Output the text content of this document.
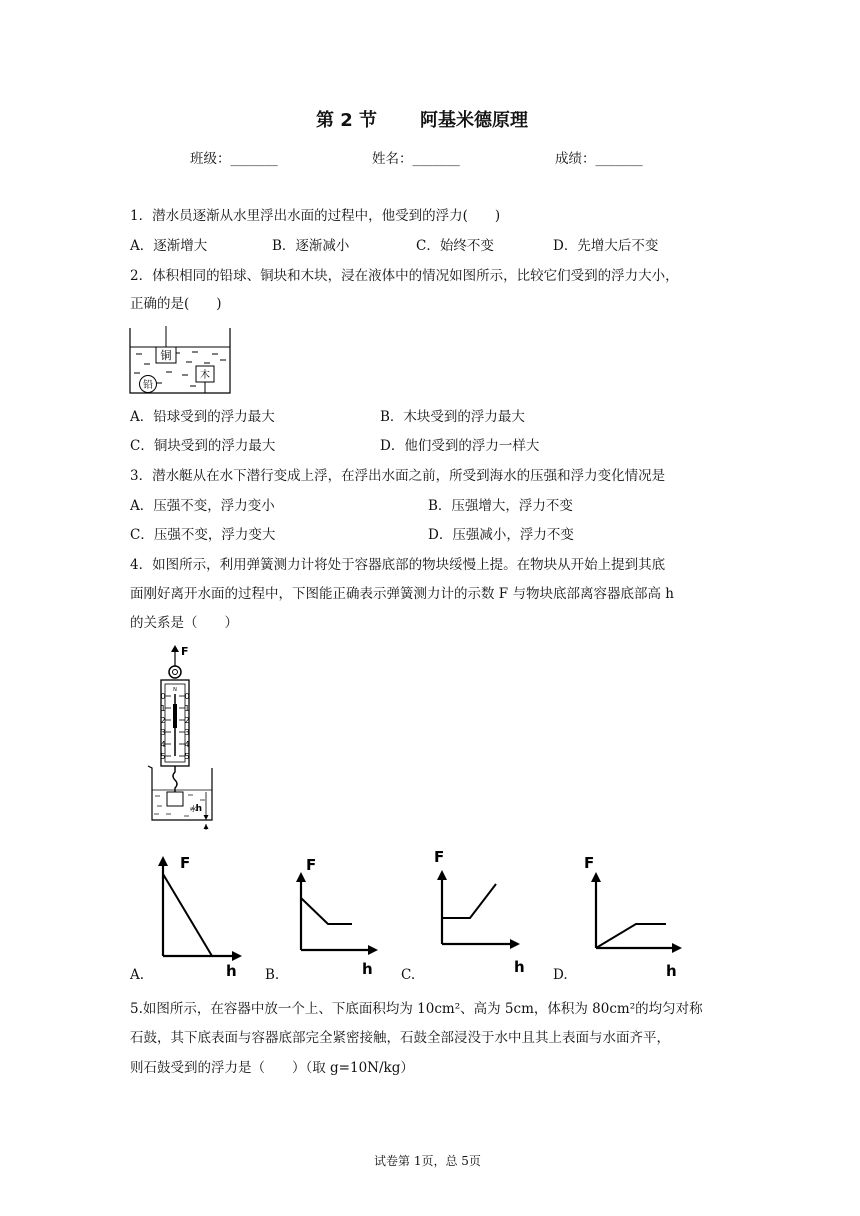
第 2 节 阿基米德原理
班级：_______	姓名：_______	成绩：_______
1．潜水员逐渐从水里浮出水面的过程中，他受到的浮力(　　)
A．逐渐增大	B．逐渐减小	C．始终不变	D．先增大后不变
2．体积相同的铅球、铜块和木块，浸在液体中的情况如图所示，比较它们受到的浮力大小，
正确的是(　　)
铜
铅
木
A．铅球受到的浮力最大	B．木块受到的浮力最大
C．铜块受到的浮力最大	D．他们受到的浮力一样大
3．潜水艇从在水下潜行变成上浮，在浮出水面之前，所受到海水的压强和浮力变化情况是
A．压强不变，浮力变小	B．压强增大，浮力不变
C．压强不变，浮力变大	D．压强减小，浮力不变
4．如图所示，利用弹簧测力计将处于容器底部的物块绥慢上提。在物块从开始上提到其底
面刚好离开水面的过程中，下图能正确表示弹簧测力计的示数 F 与物块底部离容器底部高 h
的关系是（　　）
F
N
0
1
2
3
4
5
0
1
2
3
4
5
水
h
A.	B.	C.	D.
F
h
F
h
F
h
F
h
5.如图所示，在容器中放一个上、下底面积均为 10cm²、高为 5cm，体积为 80cm²的均匀对称
石鼓，其下底表面与容器底部完全紧密接触，石鼓全部浸没于水中且其上表面与水面齐平，
则石鼓受到的浮力是（　　）（取 g=10N/kg）
试卷第 1页，总 5页
